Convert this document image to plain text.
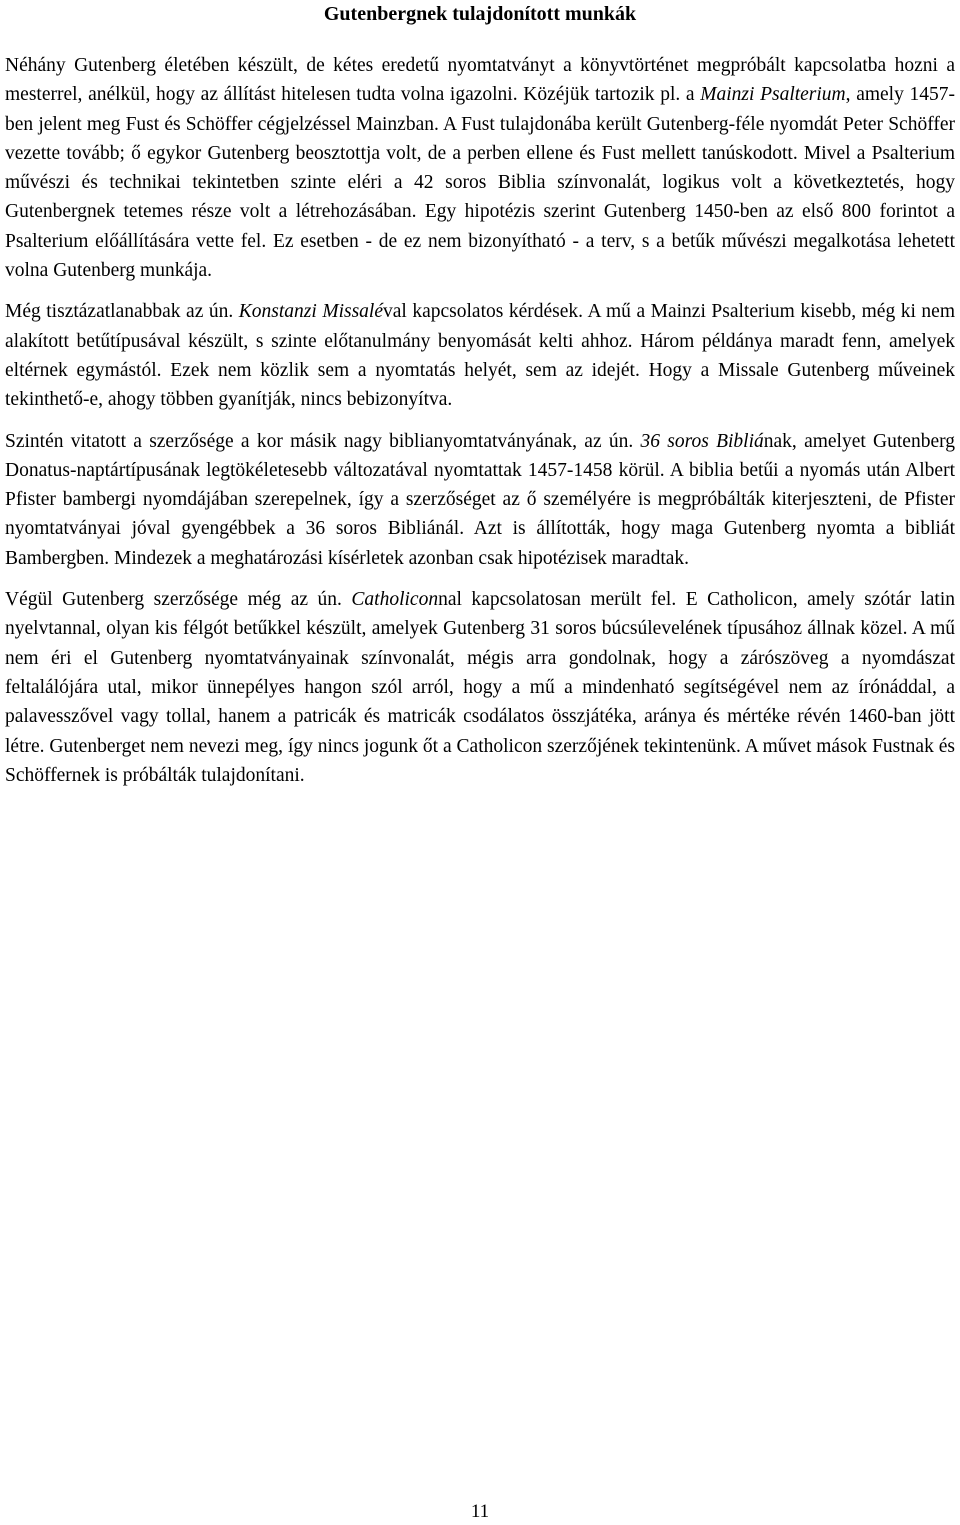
Gutenbergnek tulajdonított munkák

Néhány Gutenberg életében készült, de kétes eredetű nyomtatványt a könyvtörténet megpróbált kapcsolatba hozni a mesterrel, anélkül, hogy az állítást hitelesen tudta volna igazolni. Közéjük tartozik pl. a Mainzi Psalterium, amely 1457-ben jelent meg Fust és Schöffer cégjelzéssel Mainzban. A Fust tulajdonába került Gutenberg-féle nyomdát Peter Schöffer vezette tovább; ő egykor Gutenberg beosztottja volt, de a perben ellene és Fust mellett tanúskodott. Mivel a Psalterium művészi és technikai tekintetben szinte eléri a 42 soros Biblia színvonalát, logikus volt a következtetés, hogy Gutenbergnek tetemes része volt a létrehozásában. Egy hipotézis szerint Gutenberg 1450-ben az első 800 forintot a Psalterium előállítására vette fel. Ez esetben - de ez nem bizonyítható - a terv, s a betűk művészi megalkotása lehetett volna Gutenberg munkája.

Még tisztázatlanabbak az ún. Konstanzi Missaléval kapcsolatos kérdések. A mű a Mainzi Psalterium kisebb, még ki nem alakított betűtípusával készült, s szinte előtanulmány benyomását kelti ahhoz. Három példánya maradt fenn, amelyek eltérnek egymástól. Ezek nem közlik sem a nyomtatás helyét, sem az idejét. Hogy a Missale Gutenberg műveinek tekinthető-e, ahogy többen gyanítják, nincs bebizonyítva.

Szintén vitatott a szerzősége a kor másik nagy biblianyomtatványának, az ún. 36 soros Bibliának, amelyet Gutenberg Donatus-naptártípusának legtökéletesebb változatával nyomtattak 1457-1458 körül. A biblia betűi a nyomás után Albert Pfister bambergi nyomdájában szerepelnek, így a szerzőséget az ő személyére is megpróbálták kiterjeszteni, de Pfister nyomtatványai jóval gyengébbek a 36 soros Bibliánál. Azt is állították, hogy maga Gutenberg nyomta a bibliát Bambergben. Mindezek a meghatározási kísérletek azonban csak hipotézisek maradtak.

Végül Gutenberg szerzősége még az ún. Catholiconnal kapcsolatosan merült fel. E Catholicon, amely szótár latin nyelvtannal, olyan kis félgót betűkkel készült, amelyek Gutenberg 31 soros búcsúlevelének típusához állnak közel. A mű nem éri el Gutenberg nyomtatványainak színvonalát, mégis arra gondolnak, hogy a zárószöveg a nyomdászat feltalálójára utal, mikor ünnepélyes hangon szól arról, hogy a mű a mindenható segítségével nem az írónáddal, a palavesszővel vagy tollal, hanem a patricák és matricák csodálatos összjátéka, aránya és mértéke révén 1460-ban jött létre. Gutenberget nem nevezi meg, így nincs jogunk őt a Catholicon szerzőjének tekintenünk. A művet mások Fustnak és Schöffernek is próbálták tulajdonítani.

11
